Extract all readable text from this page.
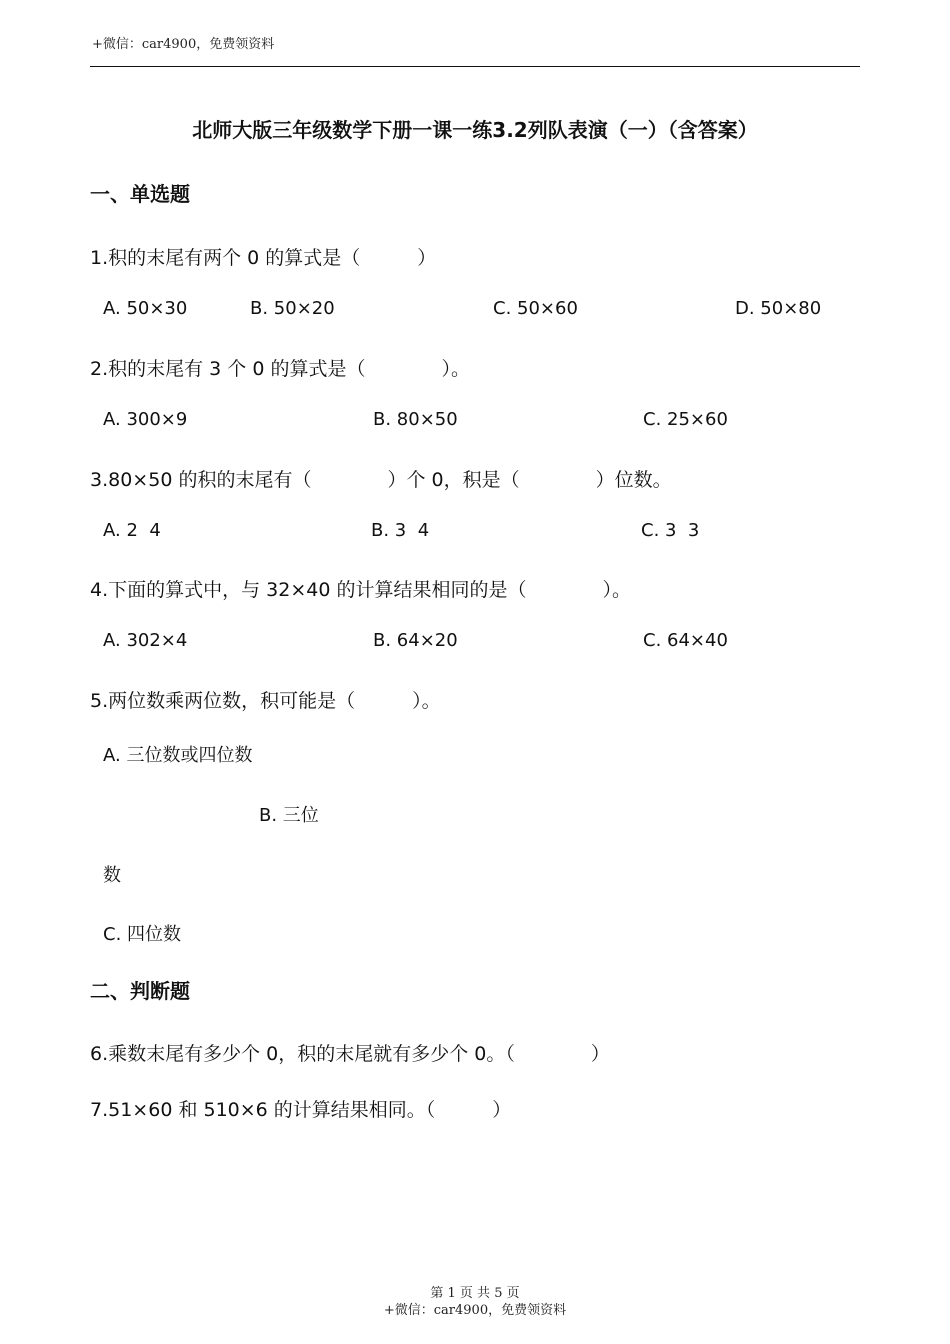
+微信：car4900，免费领资料
北师大版三年级数学下册一课一练3.2列队表演（一）（含答案）
一、单选题
1.积的末尾有两个 0 的算式是（　　　）
A. 50×30	B. 50×20	C. 50×60	D. 50×80
2.积的末尾有 3 个 0 的算式是（　　　　）。
A. 300×9	B. 80×50	C. 25×60
3.80×50 的积的末尾有（　　　　）个 0，积是（　　　　）位数。
A. 2  4	B. 3  4	C. 3  3
4.下面的算式中，与 32×40 的计算结果相同的是（　　　　）。
A. 302×4	B. 64×20	C. 64×40
5.两位数乘两位数，积可能是（　　　）。
A. 三位数或四位数
B. 三位
数
C. 四位数
二、判断题
6.乘数末尾有多少个 0，积的末尾就有多少个 0。（　　　　）
7.51×60 和 510×6 的计算结果相同。（　　　）
第 1 页 共 5 页
+微信：car4900，免费领资料
